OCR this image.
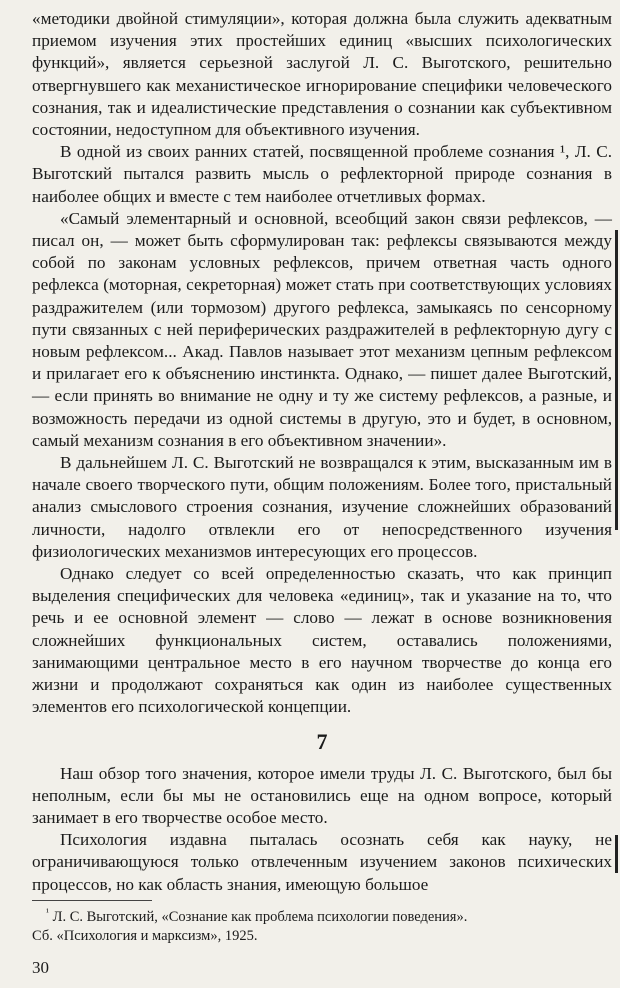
«методики двойной стимуляции», которая должна была служить адекватным приемом изучения этих простейших единиц «высших психологических функций», является серьезной заслугой Л. С. Выготского, решительно отвергнувшего как механистическое игнорирование специфики человеческого сознания, так и идеалистические представления о сознании как субъективном состоянии, недоступном для объективного изучения.

В одной из своих ранних статей, посвященной проблеме сознания ¹, Л. С. Выготский пытался развить мысль о рефлекторной природе сознания в наиболее общих и вместе с тем наиболее отчетливых формах.

«Самый элементарный и основной, всеобщий закон связи рефлексов, — писал он, — может быть сформулирован так: рефлексы связываются между собой по законам условных рефлексов, причем ответная часть одного рефлекса (моторная, секреторная) может стать при соответствующих условиях раздражителем (или тормозом) другого рефлекса, замыкаясь по сенсорному пути связанных с ней периферических раздражителей в рефлекторную дугу с новым рефлексом... Акад. Павлов называет этот механизм цепным рефлексом и прилагает его к объяснению инстинкта. Однако, — пишет далее Выготский, — если принять во внимание не одну и ту же систему рефлексов, а разные, и возможность передачи из одной системы в другую, это и будет, в основном, самый механизм сознания в его объективном значении».

В дальнейшем Л. С. Выготский не возвращался к этим, высказанным им в начале своего творческого пути, общим положениям. Более того, пристальный анализ смыслового строения сознания, изучение сложнейших образований личности, надолго отвлекли его от непосредственного изучения физиологических механизмов интересующих его процессов.

Однако следует со всей определенностью сказать, что как принцип выделения специфических для человека «единиц», так и указание на то, что речь и ее основной элемент — слово — лежат в основе возникновения сложнейших функциональных систем, оставались положениями, занимающими центральное место в его научном творчестве до конца его жизни и продолжают сохраняться как один из наиболее существенных элементов его психологической концепции.

7

Наш обзор того значения, которое имели труды Л. С. Выготского, был бы неполным, если бы мы не остановились еще на одном вопросе, который занимает в его творчестве особое место.

Психология издавна пыталась осознать себя как науку, не ограничивающуюся только отвлеченным изучением законов психических процессов, но как область знания, имеющую большое

$^{^1}$ Л. С. Выготский, «Сознание как проблема психологии поведения».

Сб. «Психология и марксизм», 1925.

30
